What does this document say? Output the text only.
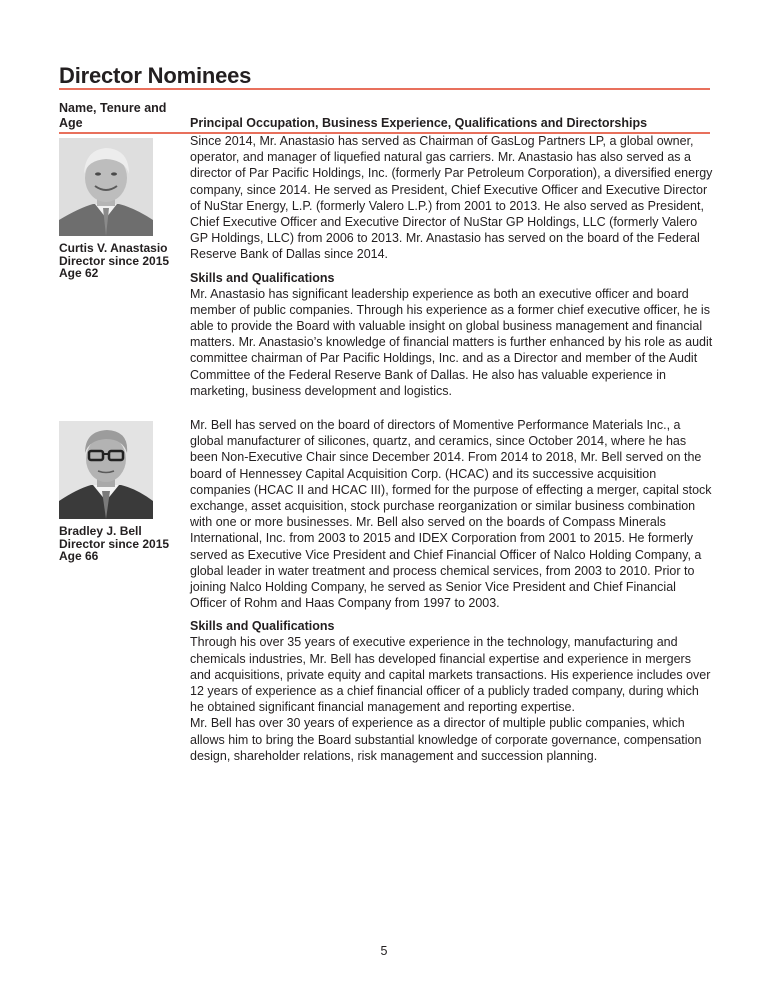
Director Nominees
Name, Tenure and
Age	Principal Occupation, Business Experience, Qualifications and Directorships
Curtis V. Anastasio
Director since 2015
Age 62

Since 2014, Mr. Anastasio has served as Chairman of GasLog Partners LP, a global owner, operator, and manager of liquefied natural gas carriers. Mr. Anastasio has also served as a director of Par Pacific Holdings, Inc. (formerly Par Petroleum Corporation), a diversified energy company, since 2014. He served as President, Chief Executive Officer and Executive Director of NuStar Energy, L.P. (formerly Valero L.P.) from 2001 to 2013. He also served as President, Chief Executive Officer and Executive Director of NuStar GP Holdings, LLC (formerly Valero GP Holdings, LLC) from 2006 to 2013. Mr. Anastasio has served on the board of the Federal Reserve Bank of Dallas since 2014.

Skills and Qualifications

Mr. Anastasio has significant leadership experience as both an executive officer and board member of public companies. Through his experience as a former chief executive officer, he is able to provide the Board with valuable insight on global business management and financial matters. Mr. Anastasio’s knowledge of financial matters is further enhanced by his role as audit committee chairman of Par Pacific Holdings, Inc. and as a Director and member of the Audit Committee of the Federal Reserve Bank of Dallas. He also has valuable experience in marketing, business development and logistics.

Bradley J. Bell
Director since 2015
Age 66

Mr. Bell has served on the board of directors of Momentive Performance Materials Inc., a global manufacturer of silicones, quartz, and ceramics, since October 2014, where he has been Non-Executive Chair since December 2014. From 2014 to 2018, Mr. Bell served on the board of Hennessey Capital Acquisition Corp. (HCAC) and its successive acquisition companies (HCAC II and HCAC III), formed for the purpose of effecting a merger, capital stock exchange, asset acquisition, stock purchase reorganization or similar business combination with one or more businesses. Mr. Bell also served on the boards of Compass Minerals International, Inc. from 2003 to 2015 and IDEX Corporation from 2001 to 2015. He formerly served as Executive Vice President and Chief Financial Officer of Nalco Holding Company, a global leader in water treatment and process chemical services, from 2003 to 2010. Prior to joining Nalco Holding Company, he served as Senior Vice President and Chief Financial Officer of Rohm and Haas Company from 1997 to 2003.

Skills and Qualifications

Through his over 35 years of executive experience in the technology, manufacturing and chemicals industries, Mr. Bell has developed financial expertise and experience in mergers and acquisitions, private equity and capital markets transactions. His experience includes over 12 years of experience as a chief financial officer of a publicly traded company, during which he obtained significant financial management and reporting expertise.

Mr. Bell has over 30 years of experience as a director of multiple public companies, which allows him to bring the Board substantial knowledge of corporate governance, compensation design, shareholder relations, risk management and succession planning.

5
